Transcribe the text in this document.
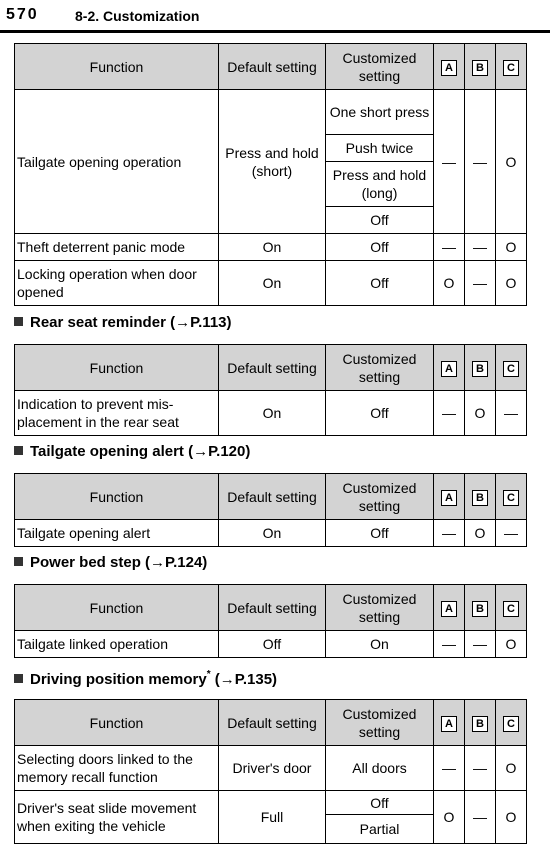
570	8-2. Customization
Function	Default setting	Customized setting	A	B	C
Tailgate opening operation	Press and hold (short)	One short press	—	—	O
		Push twice			
		Press and hold (long)			
		Off			
Theft deterrent panic mode	On	Off	—	—	O
Locking operation when door opened	On	Off	O	—	O
Rear seat reminder (→P.113)
Function	Default setting	Customized setting	A	B	C
Indication to prevent mis-placement in the rear seat	On	Off	—	O	—
Tailgate opening alert (→P.120)
Function	Default setting	Customized setting	A	B	C
Tailgate opening alert	On	Off	—	O	—
Power bed step (→P.124)
Function	Default setting	Customized setting	A	B	C
Tailgate linked operation	Off	On	—	—	O
Driving position memory* (→P.135)
Function	Default setting	Customized setting	A	B	C
Selecting doors linked to the memory recall function	Driver's door	All doors	—	—	O
Driver's seat slide movement when exiting the vehicle	Full	Off	O	—	O
		Partial			
